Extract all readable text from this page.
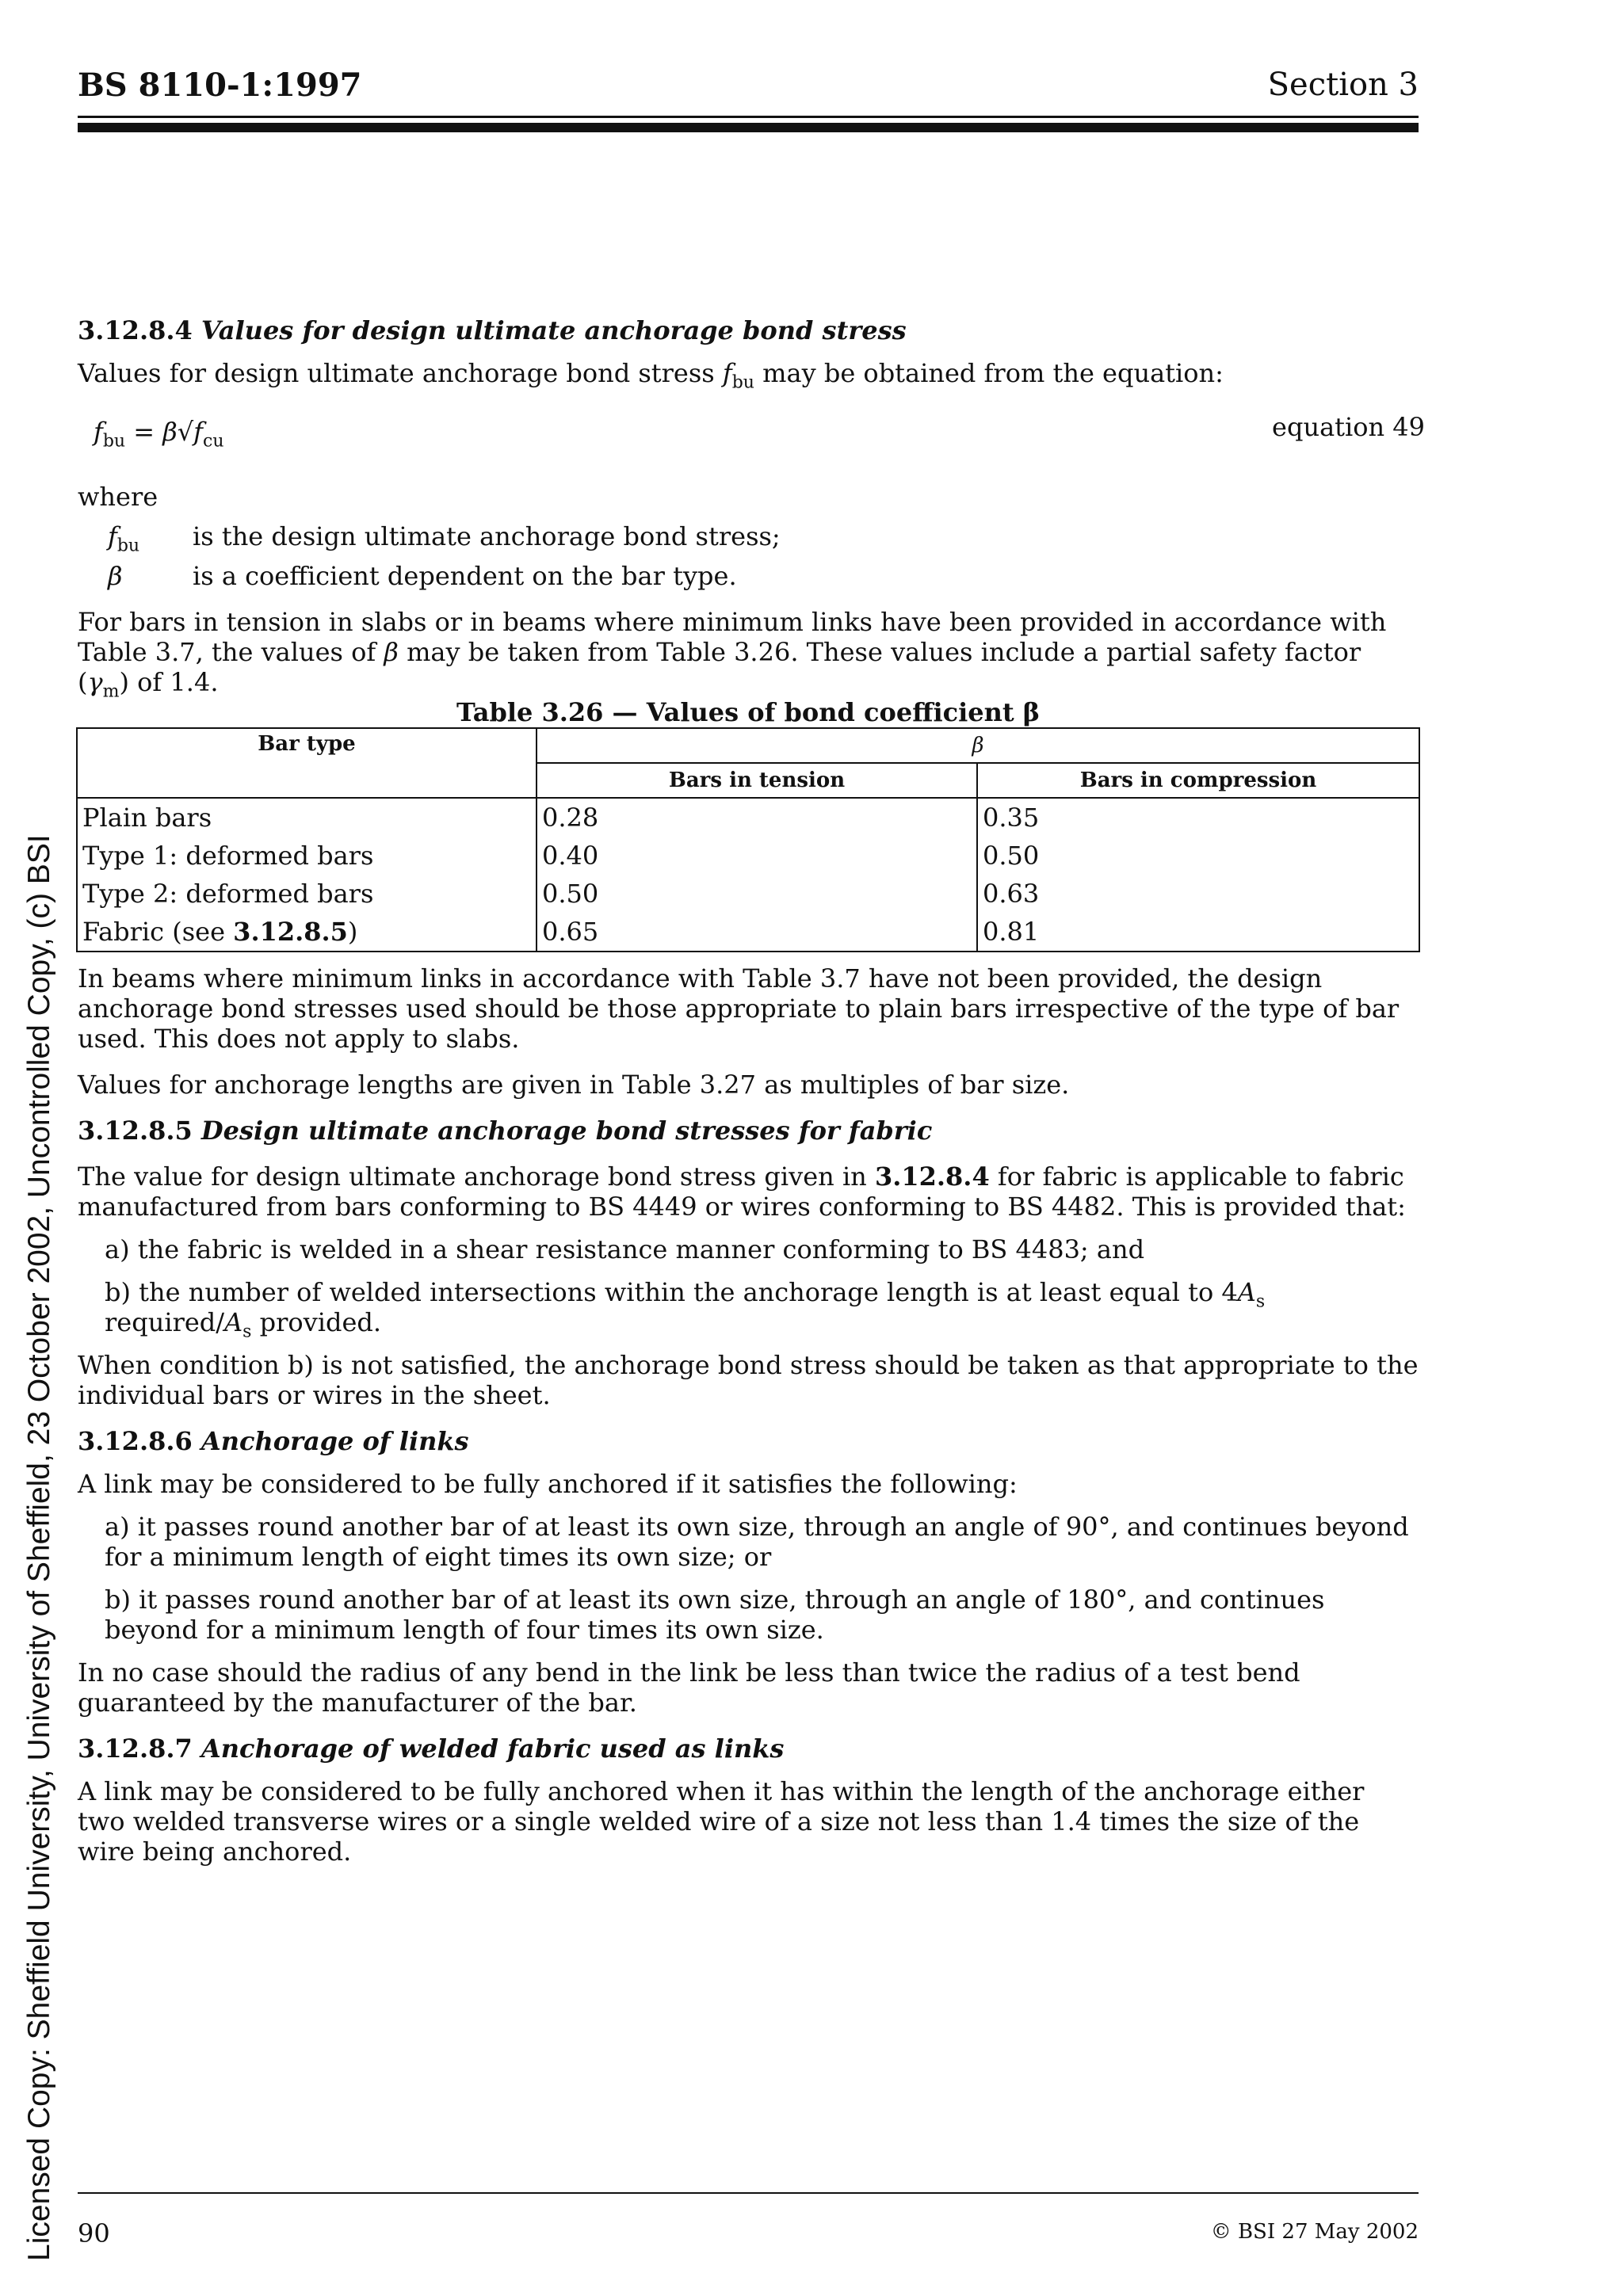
BS 8110-1:1997	Section 3

3.12.8.4 Values for design ultimate anchorage bond stress

Values for design ultimate anchorage bond stress $f_{bu}$ may be obtained from the equation:

$f_{bu} = \beta√f_{cu}$	equation 49

where

$f_{bu}$	is the design ultimate anchorage bond stress;
β	is a coefficient dependent on the bar type.

For bars in tension in slabs or in beams where minimum links have been provided in accordance with Table 3.7, the values of β may be taken from Table 3.26. These values include a partial safety factor $(\gamma_m)$ of 1.4.

Table 3.26 — Values of bond coefficient β

Bar type	β	
	Bars in tension	Bars in compression
Plain bars	0.28	0.35
Type 1: deformed bars	0.40	0.50
Type 2: deformed bars	0.50	0.63
Fabric (see 3.12.8.5)	0.65	0.81

In beams where minimum links in accordance with Table 3.7 have not been provided, the design anchorage bond stresses used should be those appropriate to plain bars irrespective of the type of bar used. This does not apply to slabs.

Values for anchorage lengths are given in Table 3.27 as multiples of bar size.

3.12.8.5 Design ultimate anchorage bond stresses for fabric

The value for design ultimate anchorage bond stress given in 3.12.8.4 for fabric is applicable to fabric manufactured from bars conforming to BS 4449 or wires conforming to BS 4482. This is provided that:

a) the fabric is welded in a shear resistance manner conforming to BS 4483; and

b) the number of welded intersections within the anchorage length is at least equal to $4A_s$ required/$A_s$ provided.

When condition b) is not satisfied, the anchorage bond stress should be taken as that appropriate to the individual bars or wires in the sheet.

3.12.8.6 Anchorage of links

A link may be considered to be fully anchored if it satisfies the following:

a) it passes round another bar of at least its own size, through an angle of 90°, and continues beyond for a minimum length of eight times its own size; or

b) it passes round another bar of at least its own size, through an angle of 180°, and continues beyond for a minimum length of four times its own size.

In no case should the radius of any bend in the link be less than twice the radius of a test bend guaranteed by the manufacturer of the bar.

3.12.8.7 Anchorage of welded fabric used as links

A link may be considered to be fully anchored when it has within the length of the anchorage either two welded transverse wires or a single welded wire of a size not less than 1.4 times the size of the wire being anchored.

90	© BSI 27 May 2002
Licensed Copy: Sheffield University, University of Sheffield, 23 October 2002, Uncontrolled Copy, (c) BSI
